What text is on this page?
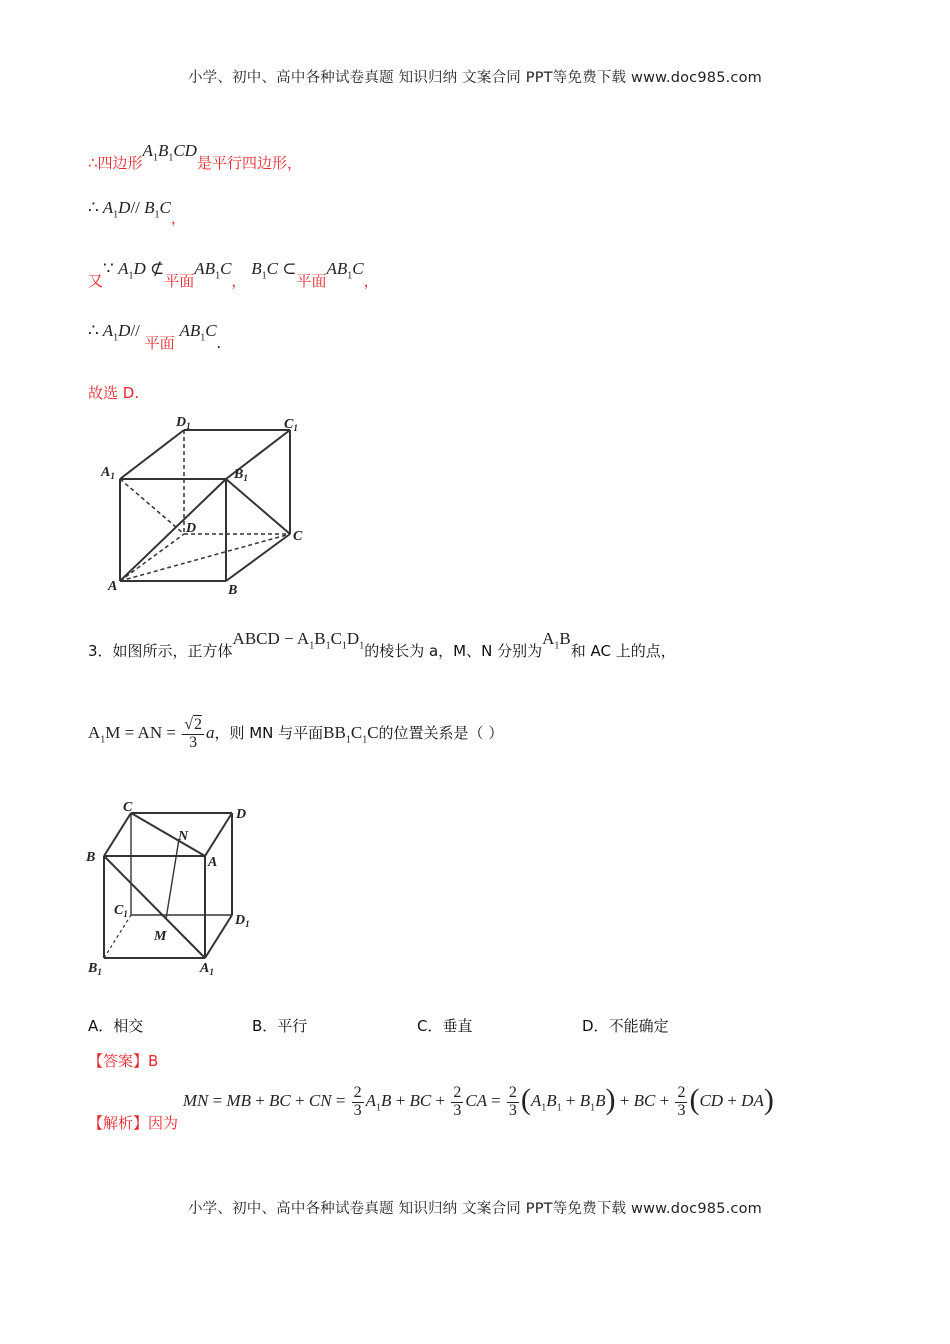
小学、初中、高中各种试卷真题 知识归纳 文案合同 PPT等免费下载 www.doc985.com
∴四边形$A_1B_1CD$是平行四边形，
∴ $A_1D//$ $B_1C$，
又∵ $A_1D$ ⊄平面$AB_1C$， $B_1C$ ⊂平面$AB_1C$，
∴ $A_1D//$ 平面 $AB_1C$.
故选 D.
$D_1$	$C_1$
$A_1$	$B_1$
D
C
A	B
3．如图所示，正方体ABCD − $A_1B_1C_1D_1$的棱长为 a，M、N 分别为$A_1B$和 AC 上的点，
$A_1M$ = AN = $\frac{√2}{3}$ a，则 MN 与平面$BB_1C_1C$的位置关系是（ ）
C	D
B
N
A
$C_1$	$D_1$
M
$B_1$	$A_1$
A．相交	B．平行	C．垂直	D．不能确定
【答案】B
【解析】因为 MN = MB + BC + CN = $\frac{2}{3} A_1B$ + BC + $\frac{2}{3}$ CA = $\frac{2}{3} (A_1B_1 + B_1B)$ + BC + $\frac{2}{3} (CD + DA)$
小学、初中、高中各种试卷真题 知识归纳 文案合同 PPT等免费下载 www.doc985.com
